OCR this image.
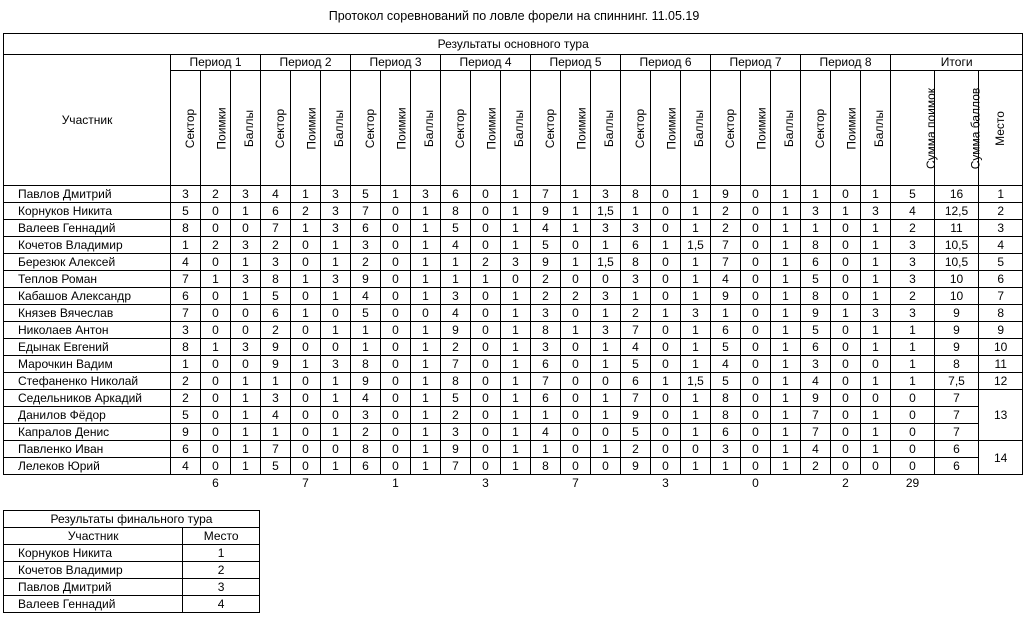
Протокол соревнований по ловле форели на спиннинг. 11.05.19
Результаты основного тура																											
Участник	Период 1			Период 2			Период 3			Период 4			Период 5			Период 6			Период 7			Период 8			Итоги		
	Сектор	Поимки	Баллы	Сектор	Поимки	Баллы	Сектор	Поимки	Баллы	Сектор	Поимки	Баллы	Сектор	Поимки	Баллы	Сектор	Поимки	Баллы	Сектор	Поимки	Баллы	Сектор	Поимки	Баллы	Сумма поимок	Сумма баллов	Место
Павлов Дмитрий	3	2	3	4	1	3	5	1	3	6	0	1	7	1	3	8	0	1	9	0	1	1	0	1	5	16	1
Корнуков Никита	5	0	1	6	2	3	7	0	1	8	0	1	9	1	1,5	1	0	1	2	0	1	3	1	3	4	12,5	2
Валеев Геннадий	8	0	0	7	1	3	6	0	1	5	0	1	4	1	3	3	0	1	2	0	1	1	0	1	2	11	3
Кочетов Владимир	1	2	3	2	0	1	3	0	1	4	0	1	5	0	1	6	1	1,5	7	0	1	8	0	1	3	10,5	4
Березюк Алексей	4	0	1	3	0	1	2	0	1	1	2	3	9	1	1,5	8	0	1	7	0	1	6	0	1	3	10,5	5
Теплов Роман	7	1	3	8	1	3	9	0	1	1	1	0	2	0	0	3	0	1	4	0	1	5	0	1	3	10	6
Кабашов Александр	6	0	1	5	0	1	4	0	1	3	0	1	2	2	3	1	0	1	9	0	1	8	0	1	2	10	7
Князев Вячеслав	7	0	0	6	1	0	5	0	0	4	0	1	3	0	1	2	1	3	1	0	1	9	1	3	3	9	8
Николаев Антон	3	0	0	2	0	1	1	0	1	9	0	1	8	1	3	7	0	1	6	0	1	5	0	1	1	9	9
Едынак Евгений	8	1	3	9	0	0	1	0	1	2	0	1	3	0	1	4	0	1	5	0	1	6	0	1	1	9	10
Марочкин Вадим	1	0	0	9	1	3	8	0	1	7	0	1	6	0	1	5	0	1	4	0	1	3	0	0	1	8	11
Стефаненко Николай	2	0	1	1	0	1	9	0	1	8	0	1	7	0	0	6	1	1,5	5	0	1	4	0	1	1	7,5	12
Седельников Аркадий	2	0	1	3	0	1	4	0	1	5	0	1	6	0	1	7	0	1	8	0	1	9	0	0	0	7	13
Данилов Фёдор	5	0	1	4	0	0	3	0	1	2	0	1	1	0	1	9	0	1	8	0	1	7	0	1	0	7	
Капралов Денис	9	0	1	1	0	1	2	0	1	3	0	1	4	0	0	5	0	1	6	0	1	7	0	1	0	7	
Павленко Иван	6	0	1	7	0	0	8	0	1	9	0	1	1	0	1	2	0	0	3	0	1	4	0	1	0	6	14
Лелеков Юрий	4	0	1	5	0	1	6	0	1	7	0	1	8	0	0	9	0	1	1	0	1	2	0	0	0	6	
	6			7			1			3			7			3			0			2			29		
Результаты финального тура	
Участник	Место
Корнуков Никита	1
Кочетов Владимир	2
Павлов Дмитрий	3
Валеев Геннадий	4
